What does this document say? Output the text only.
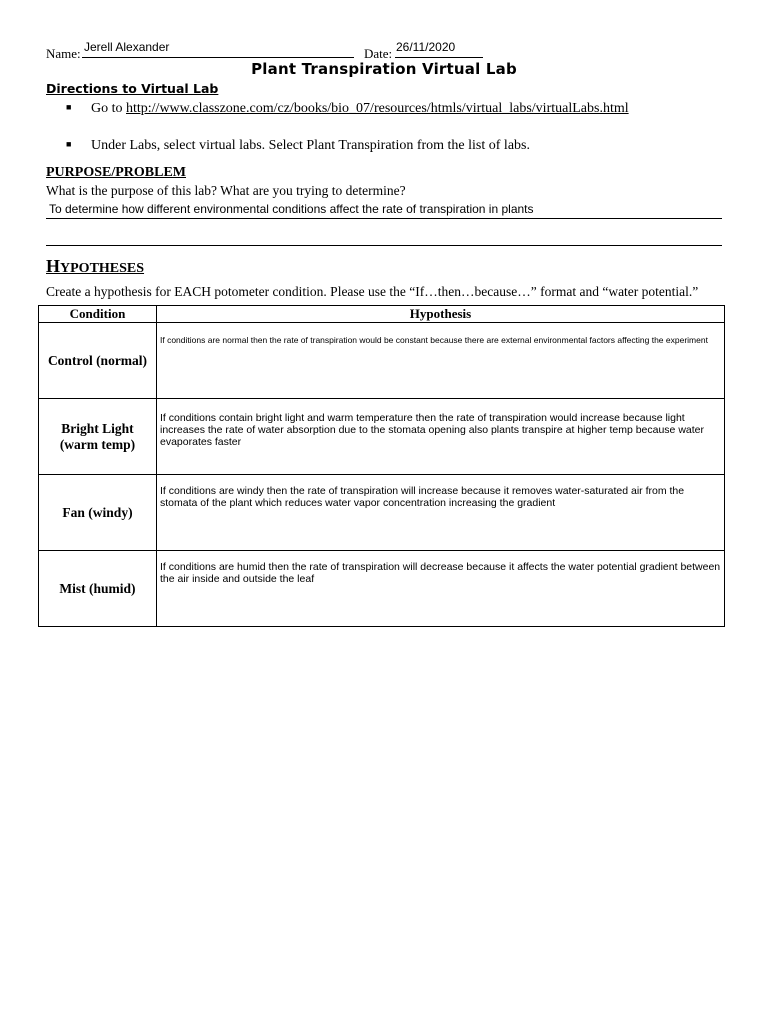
Name: Jerell Alexander	Date: 26/11/2020
Plant Transpiration Virtual Lab
Directions to Virtual Lab
■ Go to http://www.classzone.com/cz/books/bio_07/resources/htmls/virtual_labs/virtualLabs.html
■ Under Labs, select virtual labs. Select Plant Transpiration from the list of labs.
PURPOSE/PROBLEM
What is the purpose of this lab? What are you trying to determine?
To determine how different environmental conditions affect the rate of transpiration in plants
HYPOTHESES
Create a hypothesis for EACH potometer condition. Please use the “If…then…because…” format and “water potential.”
Condition	Hypothesis
Control (normal)	If conditions are normal then the rate of transpiration would be constant because there are external environmental factors affecting the experiment
Bright Light (warm temp)	If conditions contain bright light and warm temperature then the rate of transpiration would increase because light increases the rate of water absorption due to the stomata opening also plants transpire at higher temp because water evaporates faster
Fan (windy)	If conditions are windy then the rate of transpiration will increase because it removes water-saturated air from the stomata of the plant which reduces water vapor concentration increasing the gradient
Mist (humid)	If conditions are humid then the rate of transpiration will decrease because it affects the water potential gradient between the air inside and outside the leaf
